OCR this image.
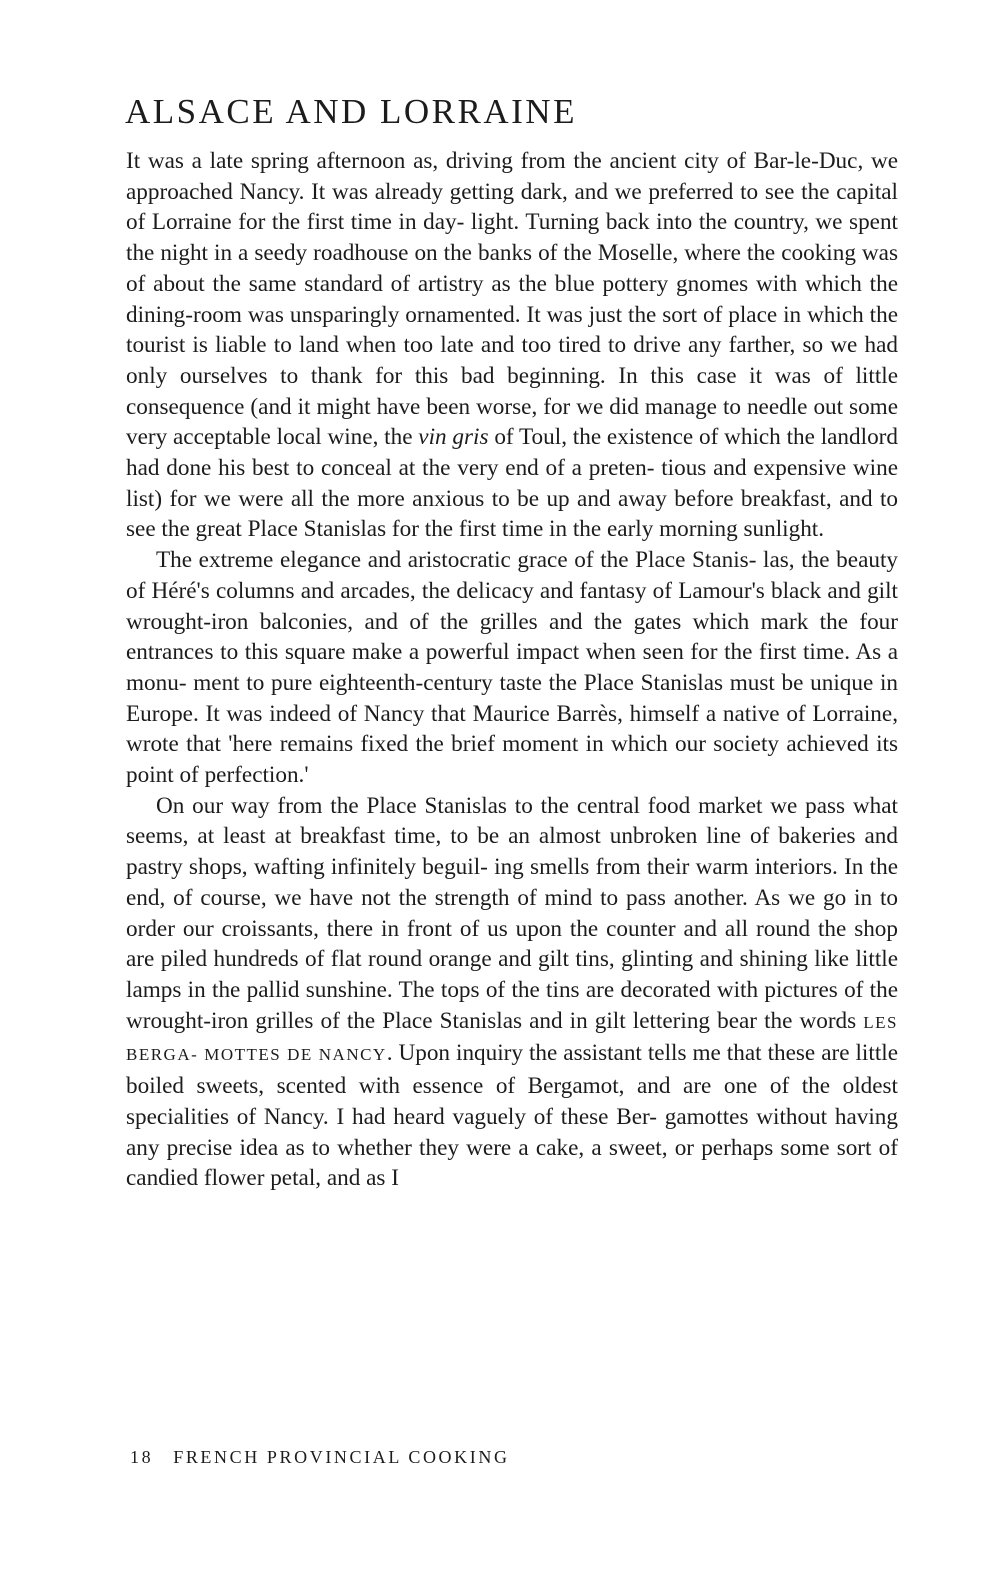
ALSACE AND LORRAINE

It was a late spring afternoon as, driving from the ancient city of Bar-le-Duc, we approached Nancy. It was already getting dark, and we preferred to see the capital of Lorraine for the first time in day- light. Turning back into the country, we spent the night in a seedy roadhouse on the banks of the Moselle, where the cooking was of about the same standard of artistry as the blue pottery gnomes with which the dining-room was unsparingly ornamented. It was just the sort of place in which the tourist is liable to land when too late and too tired to drive any farther, so we had only ourselves to thank for this bad beginning. In this case it was of little consequence (and it might have been worse, for we did manage to needle out some very acceptable local wine, the vin gris of Toul, the existence of which the landlord had done his best to conceal at the very end of a preten- tious and expensive wine list) for we were all the more anxious to be up and away before breakfast, and to see the great Place Stanislas for the first time in the early morning sunlight.

The extreme elegance and aristocratic grace of the Place Stanis- las, the beauty of Héré's columns and arcades, the delicacy and fantasy of Lamour's black and gilt wrought-iron balconies, and of the grilles and the gates which mark the four entrances to this square make a powerful impact when seen for the first time. As a monu- ment to pure eighteenth-century taste the Place Stanislas must be unique in Europe. It was indeed of Nancy that Maurice Barrès, himself a native of Lorraine, wrote that 'here remains fixed the brief moment in which our society achieved its point of perfection.'

On our way from the Place Stanislas to the central food market we pass what seems, at least at breakfast time, to be an almost unbroken line of bakeries and pastry shops, wafting infinitely beguil- ing smells from their warm interiors. In the end, of course, we have not the strength of mind to pass another. As we go in to order our croissants, there in front of us upon the counter and all round the shop are piled hundreds of flat round orange and gilt tins, glinting and shining like little lamps in the pallid sunshine. The tops of the tins are decorated with pictures of the wrought-iron grilles of the Place Stanislas and in gilt lettering bear the words LES BERGA- MOTTES DE NANCY. Upon inquiry the assistant tells me that these are little boiled sweets, scented with essence of Bergamot, and are one of the oldest specialities of Nancy. I had heard vaguely of these Ber- gamottes without having any precise idea as to whether they were a cake, a sweet, or perhaps some sort of candied flower petal, and as I

18 FRENCH PROVINCIAL COOKING
